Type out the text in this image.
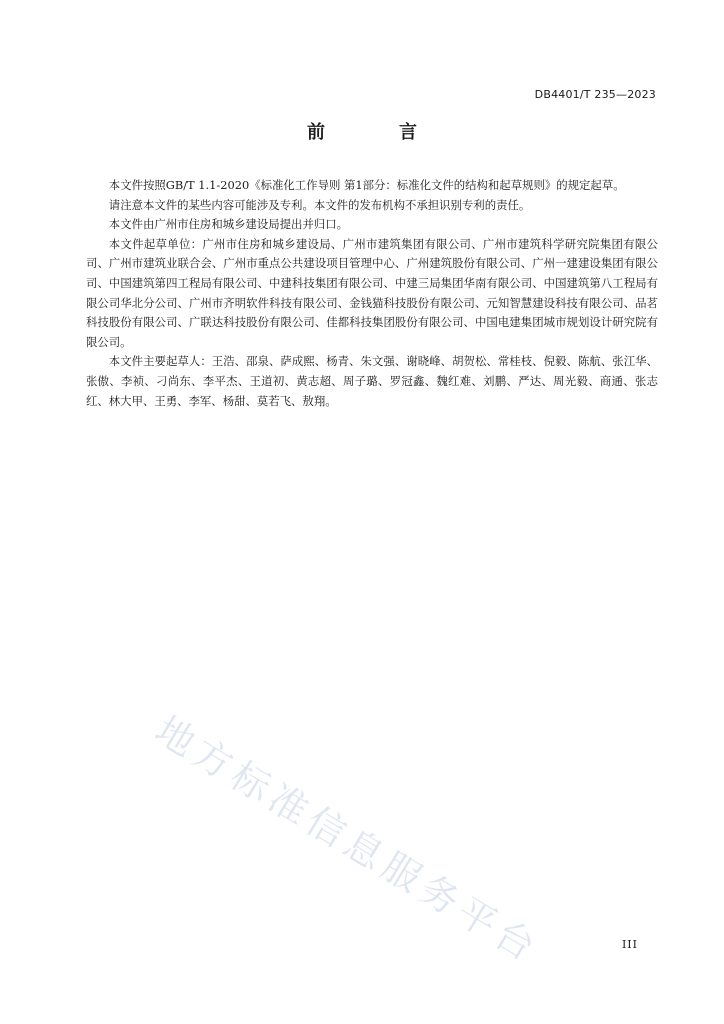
DB4401/T 235—2023
前　言

本文件按照GB/T 1.1-2020《标准化工作导则 第1部分：标准化文件的结构和起草规则》的规定起草。

请注意本文件的某些内容可能涉及专利。本文件的发布机构不承担识别专利的责任。

本文件由广州市住房和城乡建设局提出并归口。

本文件起草单位：广州市住房和城乡建设局、广州市建筑集团有限公司、广州市建筑科学研究院集团有限公司、广州市建筑业联合会、广州市重点公共建设项目管理中心、广州建筑股份有限公司、广州一建建设集团有限公司、中国建筑第四工程局有限公司、中建科技集团有限公司、中建三局集团华南有限公司、中国建筑第八工程局有限公司华北分公司、广州市齐明软件科技有限公司、金钱猫科技股份有限公司、元知智慧建设科技有限公司、品茗科技股份有限公司、广联达科技股份有限公司、佳都科技集团股份有限公司、中国电建集团城市规划设计研究院有限公司。

本文件主要起草人：王浩、邵泉、萨成熙、杨青、朱文强、谢晓峰、胡贺松、常桂枝、倪毅、陈航、张江华、张傲、李祯、刁尚东、李平杰、王道初、黄志超、周子璐、罗冠鑫、魏红难、刘鹏、严达、周光毅、商通、张志红、林大甲、王勇、李军、杨甜、莫若飞、敖翔。

地方标准信息服务平台	III
